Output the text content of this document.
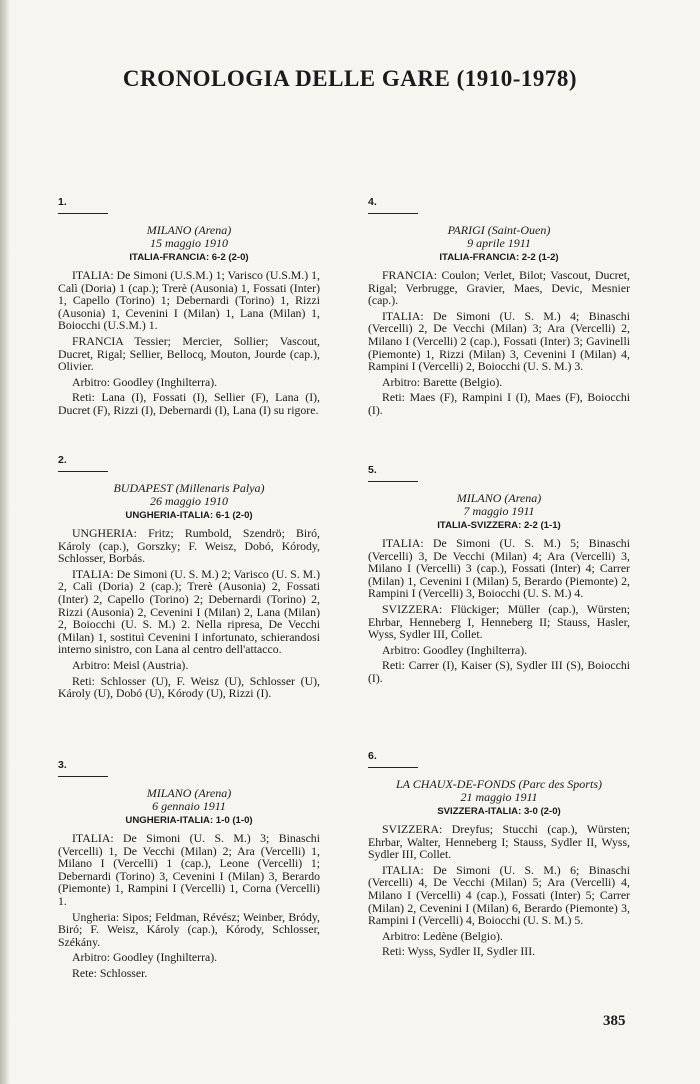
CRONOLOGIA DELLE GARE (1910-1978)
1.
MILANO (Arena)
15 maggio 1910
ITALIA-FRANCIA: 6-2 (2-0)

ITALIA: De Simoni (U.S.M.) 1; Varisco (U.S.M.) 1, Calì (Doria) 1 (cap.); Trerè (Ausonia) 1, Fossati (Inter) 1, Capello (Torino) 1; Debernardi (Torino) 1, Rizzi (Ausonia) 1, Cevenini I (Milan) 1, Lana (Milan) 1, Boiocchi (U.S.M.) 1.

FRANCIA Tessier; Mercier, Sollier; Vascout, Ducret, Rigal; Sellier, Bellocq, Mouton, Jourde (cap.), Olivier.

Arbitro: Goodley (Inghilterra).

Reti: Lana (I), Fossati (I), Sellier (F), Lana (I), Ducret (F), Rizzi (I), Debernardi (I), Lana (I) su rigore.

2.
BUDAPEST (Millenaris Palya)
26 maggio 1910
UNGHERIA-ITALIA: 6-1 (2-0)

UNGHERIA: Fritz; Rumbold, Szendrö; Biró, Károly (cap.), Gorszky; F. Weisz, Dobó, Kórody, Schlosser, Borbás.

ITALIA: De Simoni (U. S. M.) 2; Varisco (U. S. M.) 2, Calì (Doria) 2 (cap.); Trerè (Ausonia) 2, Fossati (Inter) 2, Capello (Torino) 2; Debernardi (Torino) 2, Rizzi (Ausonia) 2, Cevenini I (Milan) 2, Lana (Milan) 2, Boiocchi (U. S. M.) 2. Nella ripresa, De Vecchi (Milan) 1, sostituì Cevenini I infortunato, schierandosi interno sinistro, con Lana al centro dell'attacco.

Arbitro: Meisl (Austria).

Reti: Schlosser (U), F. Weisz (U), Schlosser (U), Károly (U), Dobó (U), Kórody (U), Rizzi (I).

3.
MILANO (Arena)
6 gennaio 1911
UNGHERIA-ITALIA: 1-0 (1-0)

ITALIA: De Simoni (U. S. M.) 3; Binaschi (Vercelli) 1, De Vecchi (Milan) 2; Ara (Vercelli) 1, Milano I (Vercelli) 1 (cap.), Leone (Vercelli) 1; Debernardi (Torino) 3, Cevenini I (Milan) 3, Berardo (Piemonte) 1, Rampini I (Vercelli) 1, Corna (Vercelli) 1.

Ungheria: Sipos; Feldman, Révész; Weinber, Bródy, Biró; F. Weisz, Károly (cap.), Kórody, Schlosser, Székány.

Arbitro: Goodley (Inghilterra).

Rete: Schlosser.

4.
PARIGI (Saint-Ouen)
9 aprile 1911
ITALIA-FRANCIA: 2-2 (1-2)

FRANCIA: Coulon; Verlet, Bilot; Vascout, Ducret, Rigal; Verbrugge, Gravier, Maes, Devic, Mesnier (cap.).

ITALIA: De Simoni (U. S. M.) 4; Binaschi (Vercelli) 2, De Vecchi (Milan) 3; Ara (Vercelli) 2, Milano I (Vercelli) 2 (cap.), Fossati (Inter) 3; Gavinelli (Piemonte) 1, Rizzi (Milan) 3, Cevenini I (Milan) 4, Rampini I (Vercelli) 2, Boiocchi (U. S. M.) 3.

Arbitro: Barette (Belgio).

Reti: Maes (F), Rampini I (I), Maes (F), Boiocchi (I).

5.
MILANO (Arena)
7 maggio 1911
ITALIA-SVIZZERA: 2-2 (1-1)

ITALIA: De Simoni (U. S. M.) 5; Binaschi (Vercelli) 3, De Vecchi (Milan) 4; Ara (Vercelli) 3, Milano I (Vercelli) 3 (cap.), Fossati (Inter) 4; Carrer (Milan) 1, Cevenini I (Milan) 5, Berardo (Piemonte) 2, Rampini I (Vercelli) 3, Boiocchi (U. S. M.) 4.

SVIZZERA: Flückiger; Müller (cap.), Würsten; Ehrbar, Henneberg I, Henneberg II; Stauss, Hasler, Wyss, Sydler III, Collet.

Arbitro: Goodley (Inghilterra).

Reti: Carrer (I), Kaiser (S), Sydler III (S), Boiocchi (I).

6.
LA CHAUX-DE-FONDS (Parc des Sports)
21 maggio 1911
SVIZZERA-ITALIA: 3-0 (2-0)

SVIZZERA: Dreyfus; Stucchi (cap.), Würsten; Ehrbar, Walter, Henneberg I; Stauss, Sydler II, Wyss, Sydler III, Collet.

ITALIA: De Simoni (U. S. M.) 6; Binaschi (Vercelli) 4, De Vecchi (Milan) 5; Ara (Vercelli) 4, Milano I (Vercelli) 4 (cap.), Fossati (Inter) 5; Carrer (Milan) 2, Cevenini I (Milan) 6, Berardo (Piemonte) 3, Rampini I (Vercelli) 4, Boiocchi (U. S. M.) 5.

Arbitro: Ledène (Belgio).

Reti: Wyss, Sydler II, Sydler III.

385
